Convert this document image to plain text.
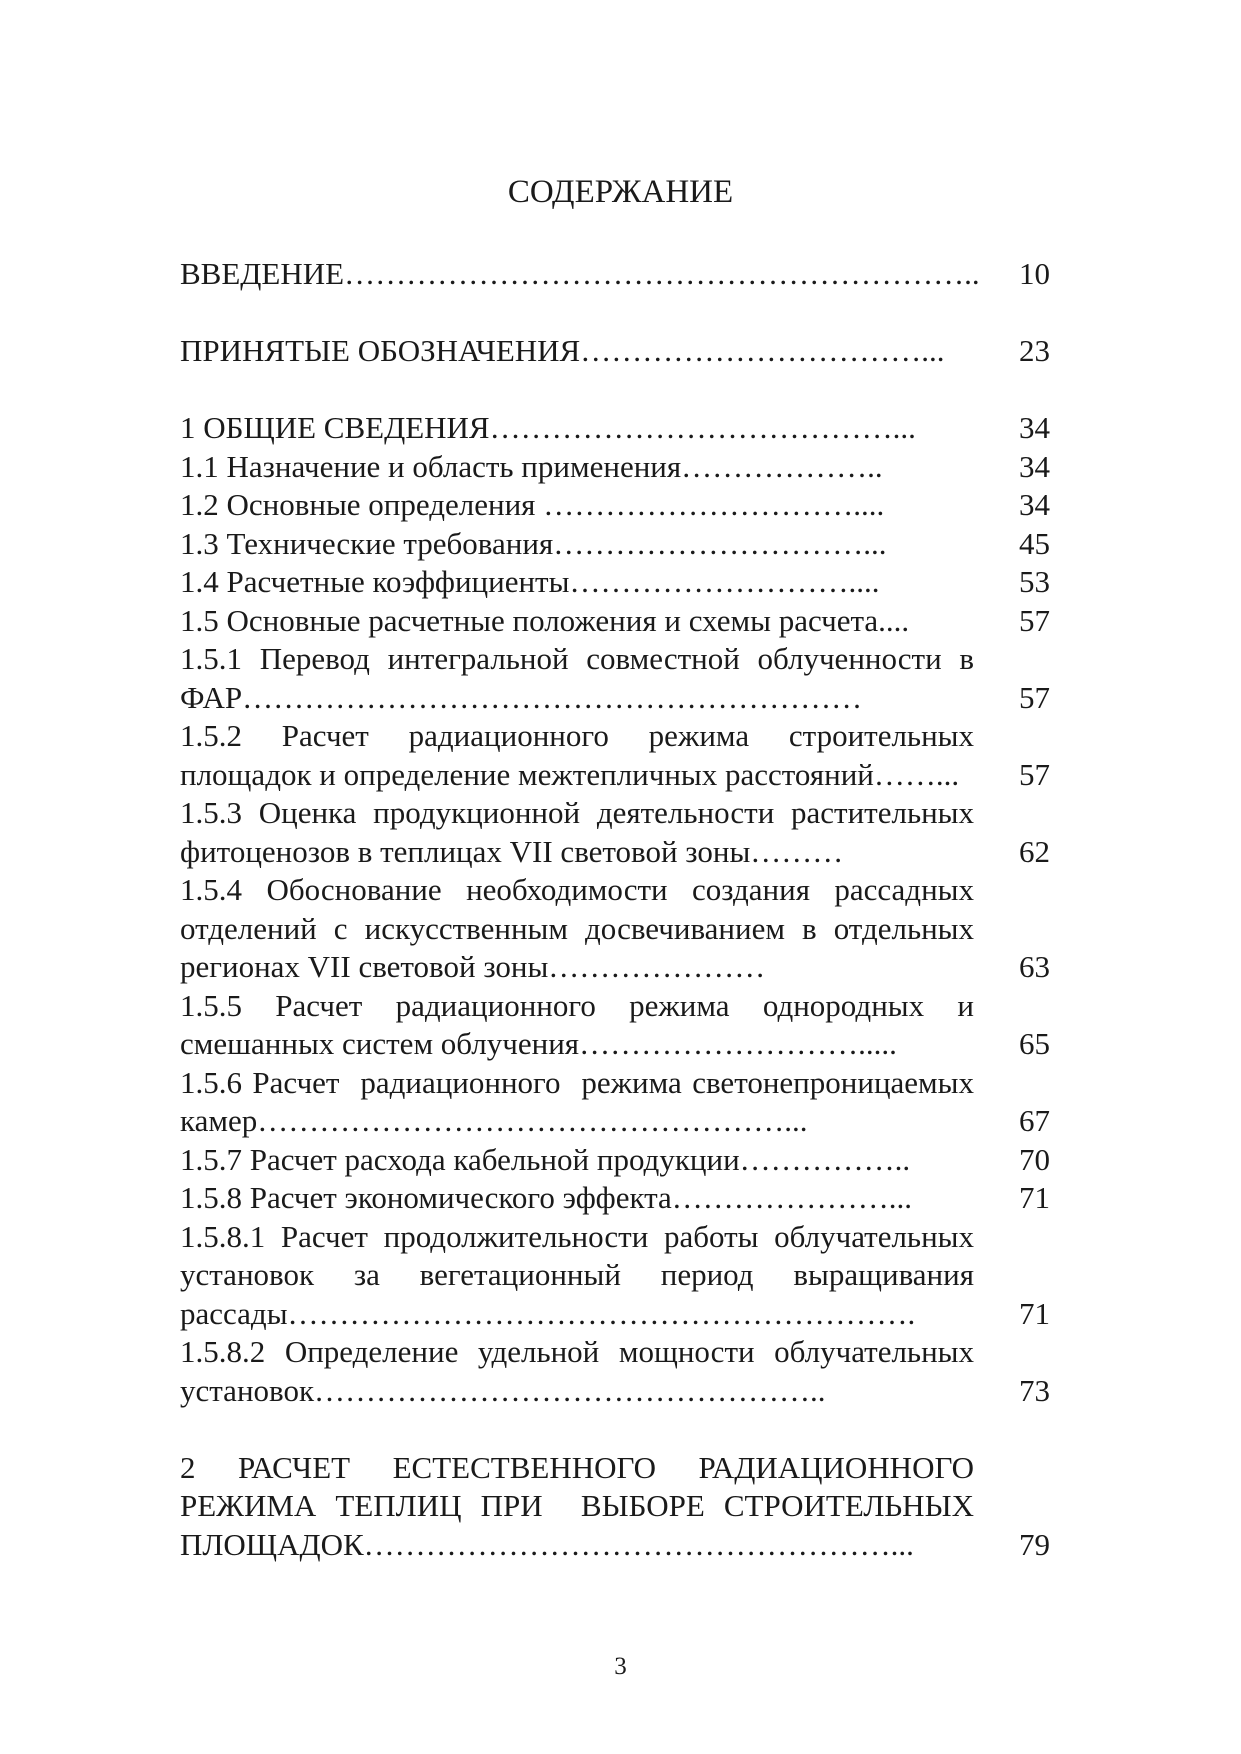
СОДЕРЖАНИЕ
ВВЕДЕНИЕ……………………………………………………..	10
ПРИНЯТЫЕ ОБОЗНАЧЕНИЯ……………………………...	23
1 ОБЩИЕ СВЕДЕНИЯ…………………………………...	34
1.1 Назначение и область применения………………..	34
1.2 Основные определения …………………………....	34
1.3 Технические требования…………………………...	45
1.4 Расчетные коэффициенты………………………....	53
1.5 Основные расчетные положения и схемы расчета....	57
1.5.1 Перевод интегральной совместной облученности в ФАР……………………………………………………	57
1.5.2 Расчет радиационного режима строительных площадок и определение межтепличных расстояний……...	57
1.5.3 Оценка продукционной деятельности растительных фитоценозов в теплицах VII световой зоны………	62
1.5.4 Обоснование необходимости создания рассадных отделений с искусственным досвечиванием в отдельных регионах VII световой зоны…………………	63
1.5.5 Расчет радиационного режима однородных и смешанных систем облучения……………………….....	65
1.5.6 Расчет  радиационного  режима светонепроницаемых камер……………………………………………...	67
1.5.7 Расчет расхода кабельной продукции……………..	70
1.5.8 Расчет экономического эффекта…………………...	71
1.5.8.1 Расчет продолжительности работы облучательных установок за вегетационный период выращивания рассады…………………………………………………….	71
1.5.8.2 Определение удельной мощности облучательных установок…………………………………………..	73
2 РАСЧЕТ ЕСТЕСТВЕННОГО РАДИАЦИОННОГО РЕЖИМА ТЕПЛИЦ ПРИ  ВЫБОРЕ СТРОИТЕЛЬНЫХ ПЛОЩАДОК……………………………………………...	79
3
